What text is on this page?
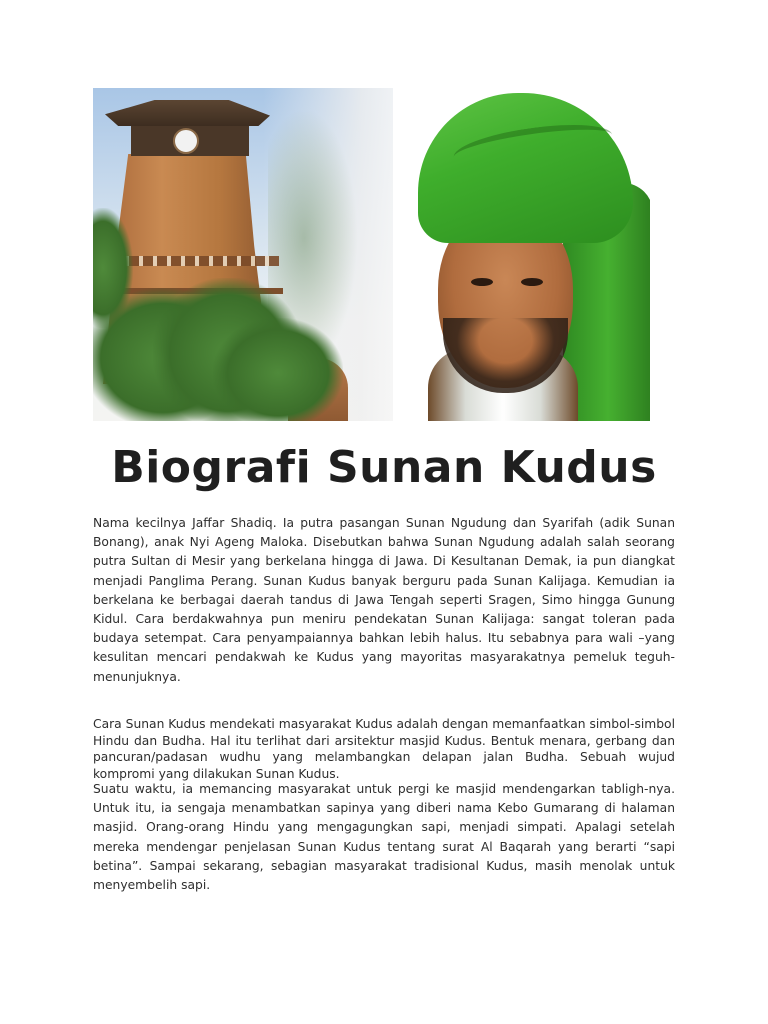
Biografi Sunan Kudus

Nama kecilnya Jaffar Shadiq. Ia putra pasangan Sunan Ngudung dan Syarifah (adik Sunan Bonang), anak Nyi Ageng Maloka. Disebutkan bahwa Sunan Ngudung adalah salah seorang putra Sultan di Mesir yang berkelana hingga di Jawa. Di Kesultanan Demak, ia pun diangkat menjadi Panglima Perang. Sunan Kudus banyak berguru pada Sunan Kalijaga. Kemudian ia berkelana ke berbagai daerah tandus di Jawa Tengah seperti Sragen, Simo hingga Gunung Kidul. Cara berdakwahnya pun meniru pendekatan Sunan Kalijaga: sangat toleran pada budaya setempat. Cara penyampaiannya bahkan lebih halus. Itu sebabnya para wali –yang kesulitan mencari pendakwah ke Kudus yang mayoritas masyarakatnya pemeluk teguh-menunjuknya.

Cara Sunan Kudus mendekati masyarakat Kudus adalah dengan memanfaatkan simbol-simbol Hindu dan Budha. Hal itu terlihat dari arsitektur masjid Kudus. Bentuk menara, gerbang dan pancuran/padasan wudhu yang melambangkan delapan jalan Budha. Sebuah wujud kompromi yang dilakukan Sunan Kudus.

Suatu waktu, ia memancing masyarakat untuk pergi ke masjid mendengarkan tabligh-nya. Untuk itu, ia sengaja menambatkan sapinya yang diberi nama Kebo Gumarang di halaman masjid. Orang-orang Hindu yang mengagungkan sapi, menjadi simpati. Apalagi setelah mereka mendengar penjelasan Sunan Kudus tentang surat Al Baqarah yang berarti “sapi betina”. Sampai sekarang, sebagian masyarakat tradisional Kudus, masih menolak untuk menyembelih sapi.
